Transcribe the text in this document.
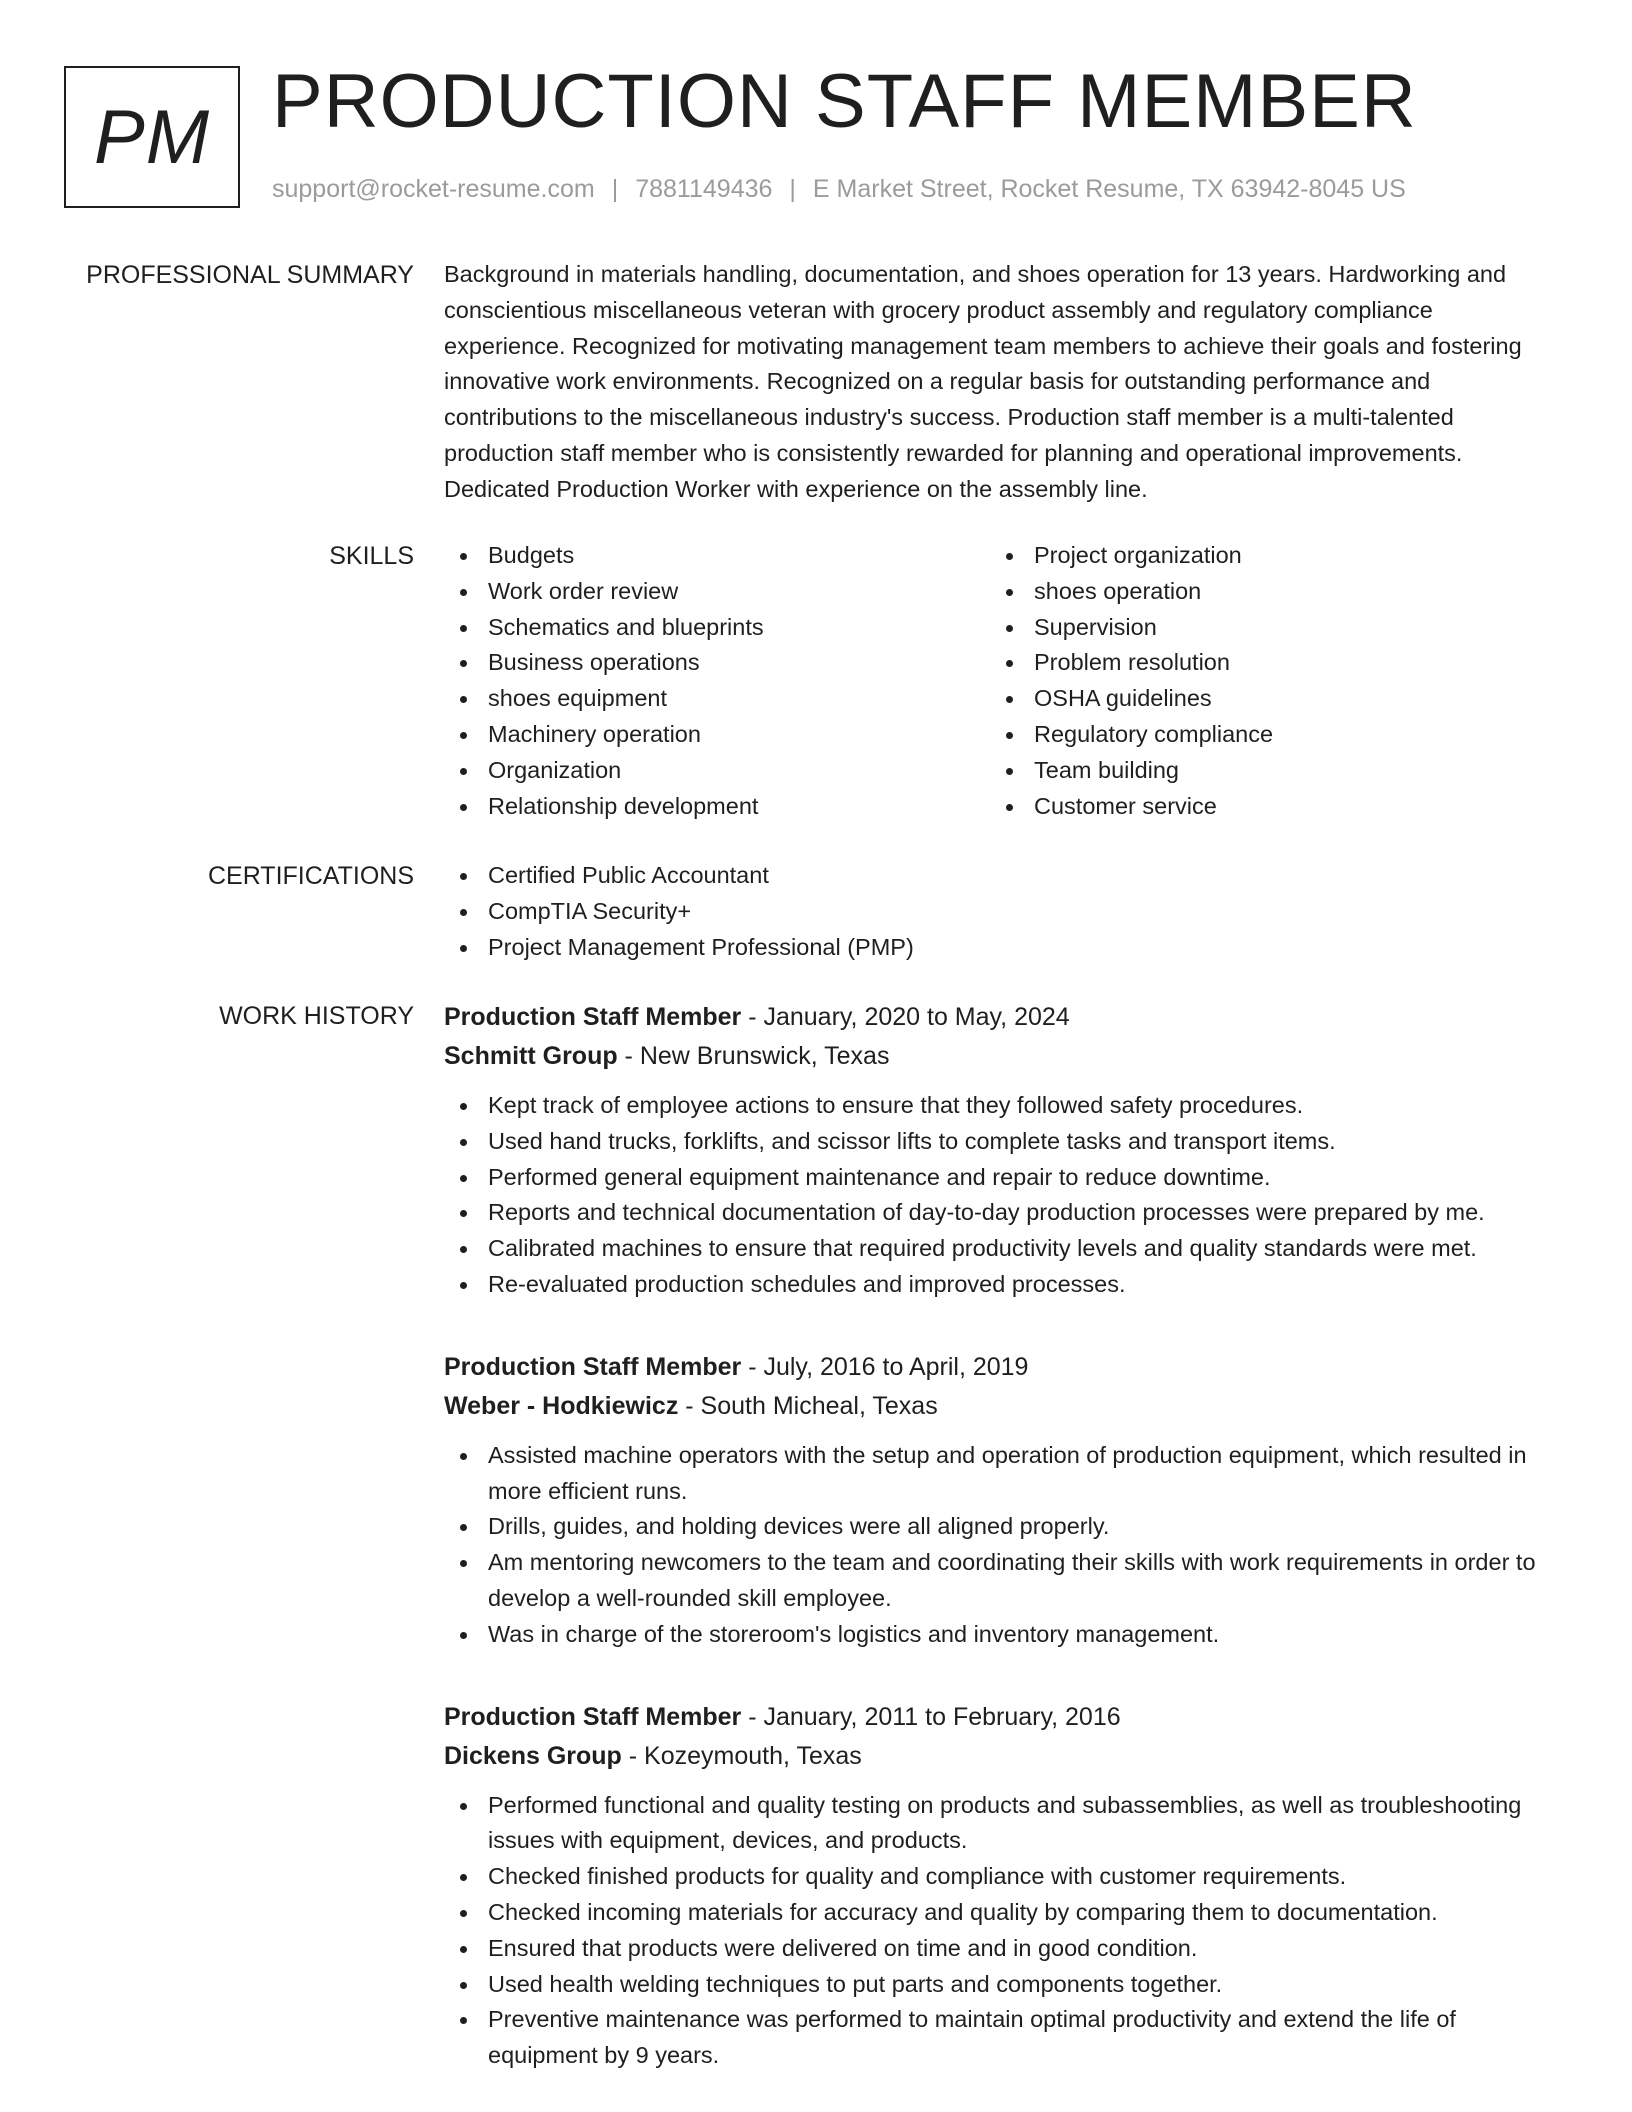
PM PRODUCTION STAFF MEMBER
support@rocket-resume.com | 7881149436 | E Market Street, Rocket Resume, TX 63942-8045 US
PROFESSIONAL SUMMARY Background in materials handling, documentation, and shoes operation for 13 years. Hardworking and conscientious miscellaneous veteran with grocery product assembly and regulatory compliance experience. Recognized for motivating management team members to achieve their goals and fostering innovative work environments. Recognized on a regular basis for outstanding performance and contributions to the miscellaneous industry's success. Production staff member is a multi-talented production staff member who is consistently rewarded for planning and operational improvements. Dedicated Production Worker with experience on the assembly line.

SKILLS	Budgets
Work order review
Schematics and blueprints
Business operations
shoes equipment
Machinery operation
Organization
Relationship development
Project organization
shoes operation
Supervision
Problem resolution
OSHA guidelines
Regulatory compliance
Team building
Customer service
CERTIFICATIONS	Certified Public Accountant
CompTIA Security+
Project Management Professional (PMP)
WORK HISTORY Production Staff Member - January, 2020 to May, 2024
Schmitt Group - New Brunswick, Texas
Kept track of employee actions to ensure that they followed safety procedures.
Used hand trucks, forklifts, and scissor lifts to complete tasks and transport items.
Performed general equipment maintenance and repair to reduce downtime.
Reports and technical documentation of day-to-day production processes were prepared by me.
Calibrated machines to ensure that required productivity levels and quality standards were met.
Re-evaluated production schedules and improved processes.
Production Staff Member - July, 2016 to April, 2019
Weber - Hodkiewicz - South Micheal, Texas
Assisted machine operators with the setup and operation of production equipment, which resulted in more efficient runs.
Drills, guides, and holding devices were all aligned properly.
Am mentoring newcomers to the team and coordinating their skills with work requirements in order to develop a well-rounded skill employee.
Was in charge of the storeroom's logistics and inventory management.
Production Staff Member - January, 2011 to February, 2016
Dickens Group - Kozeymouth, Texas
Performed functional and quality testing on products and subassemblies, as well as troubleshooting issues with equipment, devices, and products.
Checked finished products for quality and compliance with customer requirements.
Checked incoming materials for accuracy and quality by comparing them to documentation.
Ensured that products were delivered on time and in good condition.
Used health welding techniques to put parts and components together.
Preventive maintenance was performed to maintain optimal productivity and extend the life of equipment by 9 years.
